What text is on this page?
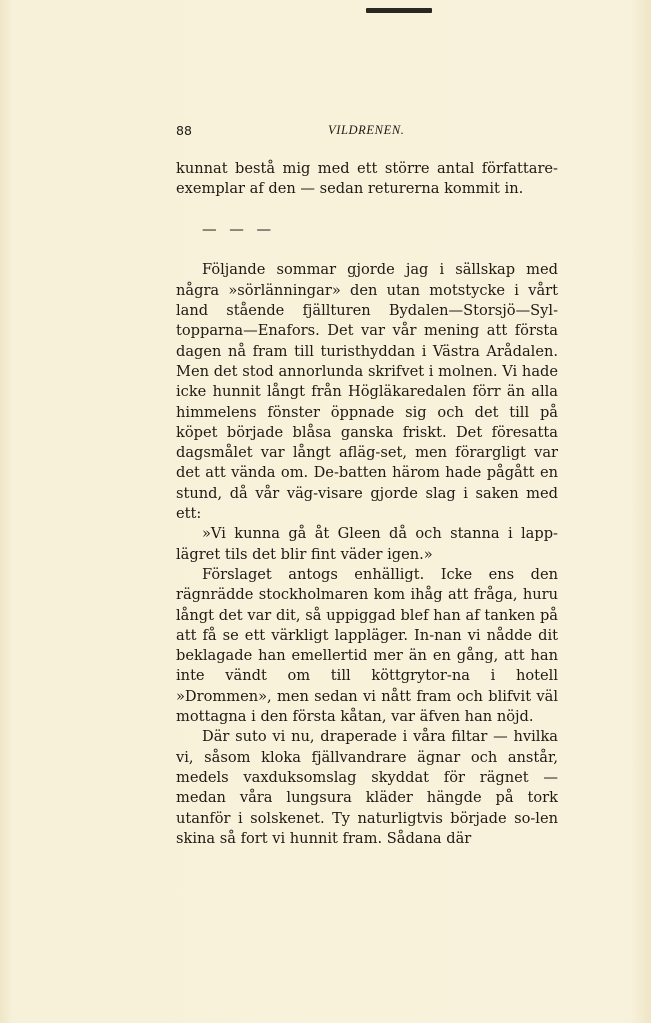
88	VILDRENEN.

kunnat bestå mig med ett större antal författare-exemplar af den — sedan returerna kommit in.

— — —

Följande sommar gjorde jag i sällskap med några »sörlänningar» den utan motstycke i vårt land stående fjällturen Bydalen—Storsjö—Syl-topparna—Enafors. Det var vår mening att första dagen nå fram till turisthyddan i Västra Arådalen. Men det stod annorlunda skrifvet i molnen. Vi hade icke hunnit långt från Högläkaredalen förr än alla himmelens fönster öppnade sig och det till på köpet började blåsa ganska friskt. Det föresatta dagsmålet var långt afläg-set, men förargligt var det att vända om. De-batten härom hade pågått en stund, då vår väg-visare gjorde slag i saken med ett:

»Vi kunna gå åt Gleen då och stanna i lapp-lägret tils det blir fint väder igen.»

Förslaget antogs enhälligt. Icke ens den rägnrädde stockholmaren kom ihåg att fråga, huru långt det var dit, så uppiggad blef han af tanken på att få se ett värkligt lappläger. In-nan vi nådde dit beklagade han emellertid mer än en gång, att han inte vändt om till köttgrytor-na i hotell »Drommen», men sedan vi nått fram och blifvit väl mottagna i den första kåtan, var äfven han nöjd.

Där suto vi nu, draperade i våra filtar — hvilka vi, såsom kloka fjällvandrare ägnar och anstår, medels vaxduksomslag skyddat för rägnet — medan våra lungsura kläder hängde på tork utanför i solskenet. Ty naturligtvis började so-len skina så fort vi hunnit fram. Sådana där
